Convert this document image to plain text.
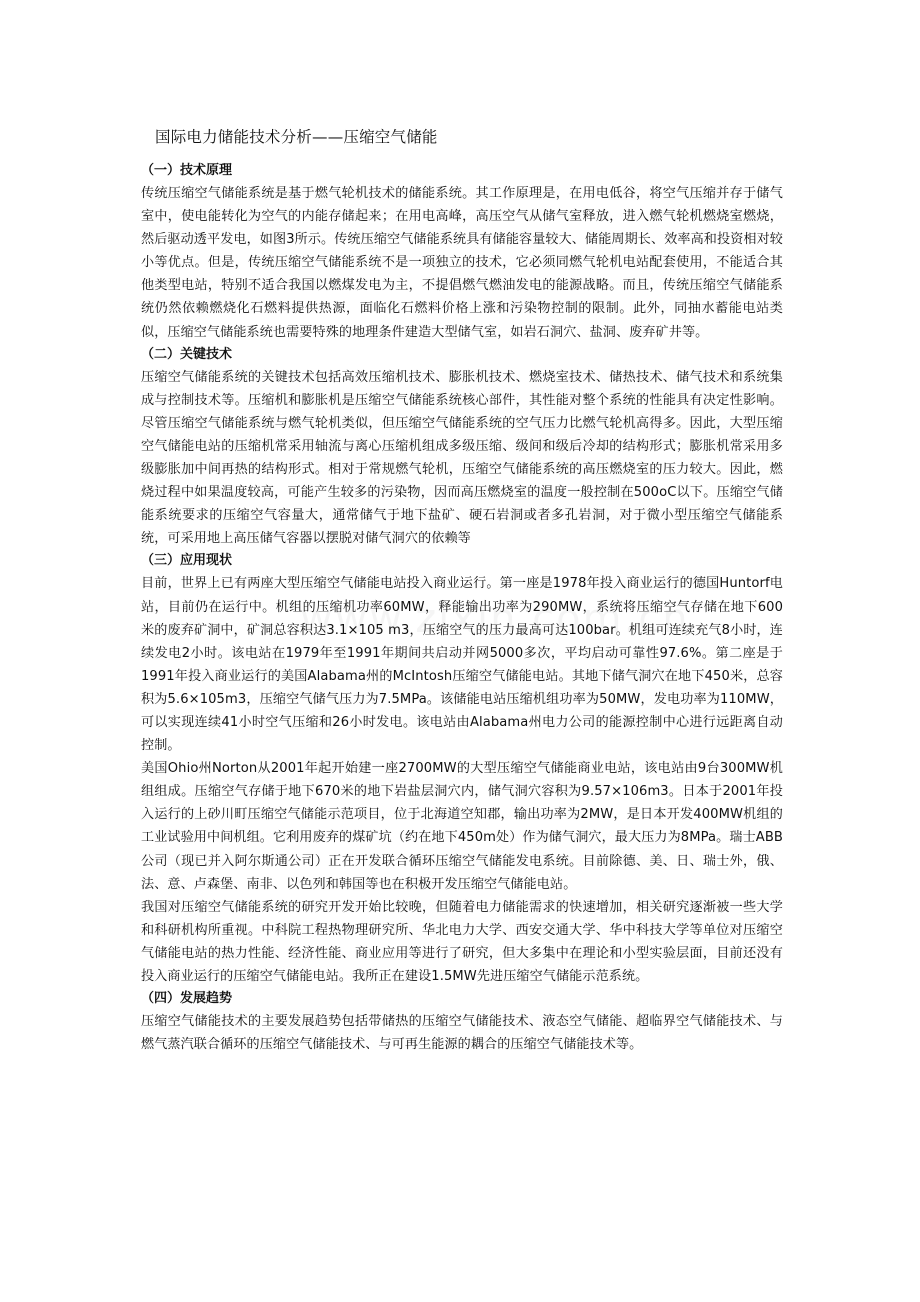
国际电力储能技术分析——压缩空气储能
（一）技术原理

传统压缩空气储能系统是基于燃气轮机技术的储能系统。其工作原理是，在用电低谷，将空气压缩并存于储气室中，使电能转化为空气的内能存储起来；在用电高峰，高压空气从储气室释放，进入燃气轮机燃烧室燃烧，然后驱动透平发电，如图3所示。传统压缩空气储能系统具有储能容量较大、储能周期长、效率高和投资相对较小等优点。但是，传统压缩空气储能系统不是一项独立的技术，它必须同燃气轮机电站配套使用，不能适合其他类型电站，特别不适合我国以燃煤发电为主，不提倡燃气燃油发电的能源战略。而且，传统压缩空气储能系统仍然依赖燃烧化石燃料提供热源，面临化石燃料价格上涨和污染物控制的限制。此外，同抽水蓄能电站类似，压缩空气储能系统也需要特殊的地理条件建造大型储气室，如岩石洞穴、盐洞、废弃矿井等。

（二）关键技术

压缩空气储能系统的关键技术包括高效压缩机技术、膨胀机技术、燃烧室技术、储热技术、储气技术和系统集成与控制技术等。压缩机和膨胀机是压缩空气储能系统核心部件，其性能对整个系统的性能具有决定性影响。尽管压缩空气储能系统与燃气轮机类似，但压缩空气储能系统的空气压力比燃气轮机高得多。因此，大型压缩空气储能电站的压缩机常采用轴流与离心压缩机组成多级压缩、级间和级后冷却的结构形式；膨胀机常采用多级膨胀加中间再热的结构形式。相对于常规燃气轮机，压缩空气储能系统的高压燃烧室的压力较大。因此，燃烧过程中如果温度较高，可能产生较多的污染物，因而高压燃烧室的温度一般控制在500oC以下。压缩空气储能系统要求的压缩空气容量大，通常储气于地下盐矿、硬石岩洞或者多孔岩洞，对于微小型压缩空气储能系统，可采用地上高压储气容器以摆脱对储气洞穴的依赖等

（三）应用现状

目前，世界上已有两座大型压缩空气储能电站投入商业运行。第一座是1978年投入商业运行的德国Huntorf电站，目前仍在运行中。机组的压缩机功率60MW，释能输出功率为290MW，系统将压缩空气存储在地下600米的废弃矿洞中，矿洞总容积达3.1×105 m3，压缩空气的压力最高可达100bar。机组可连续充气8小时，连续发电2小时。该电站在1979年至1991年期间共启动并网5000多次，平均启动可靠性97.6%。第二座是于1991年投入商业运行的美国Alabama州的McIntosh压缩空气储能电站。其地下储气洞穴在地下450米，总容积为5.6×105m3，压缩空气储气压力为7.5MPa。该储能电站压缩机组功率为50MW，发电功率为110MW，可以实现连续41小时空气压缩和26小时发电。该电站由Alabama州电力公司的能源控制中心进行远距离自动控制。

美国Ohio州Norton从2001年起开始建一座2700MW的大型压缩空气储能商业电站，该电站由9台300MW机组组成。压缩空气存储于地下670米的地下岩盐层洞穴内，储气洞穴容积为9.57×106m3。日本于2001年投入运行的上砂川町压缩空气储能示范项目，位于北海道空知郡，输出功率为2MW，是日本开发400MW机组的工业试验用中间机组。它利用废弃的煤矿坑（约在地下450m处）作为储气洞穴，最大压力为8MPa。瑞士ABB公司（现已并入阿尔斯通公司）正在开发联合循环压缩空气储能发电系统。目前除德、美、日、瑞士外，俄、法、意、卢森堡、南非、以色列和韩国等也在积极开发压缩空气储能电站。

我国对压缩空气储能系统的研究开发开始比较晚，但随着电力储能需求的快速增加，相关研究逐渐被一些大学和科研机构所重视。中科院工程热物理研究所、华北电力大学、西安交通大学、华中科技大学等单位对压缩空气储能电站的热力性能、经济性能、商业应用等进行了研究，但大多集中在理论和小型实验层面，目前还没有投入商业运行的压缩空气储能电站。我所正在建设1.5MW先进压缩空气储能示范系统。

（四）发展趋势

压缩空气储能技术的主要发展趋势包括带储热的压缩空气储能技术、液态空气储能、超临界空气储能技术、与燃气蒸汽联合循环的压缩空气储能技术、与可再生能源的耦合的压缩空气储能技术等。
